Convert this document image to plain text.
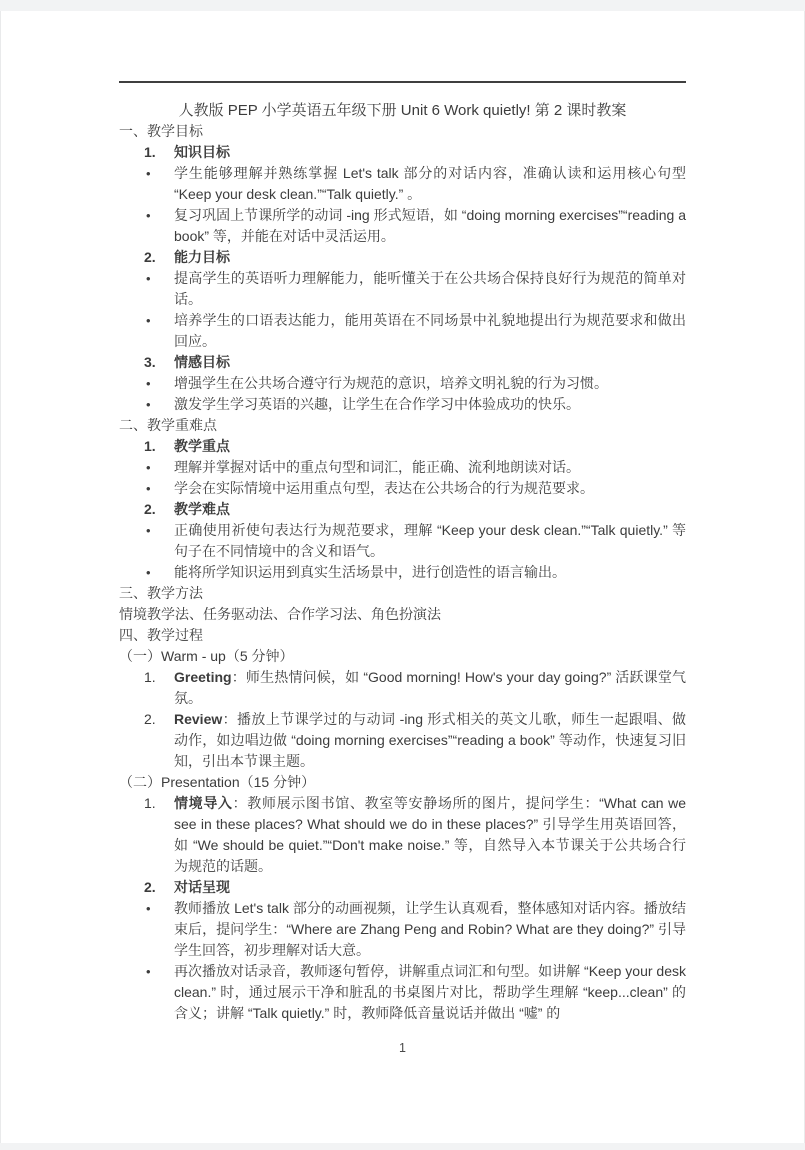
人教版 PEP 小学英语五年级下册 Unit 6 Work quietly! 第 2 课时教案
一、教学目标
1. 知识目标
• 学生能够理解并熟练掌握 Let's talk 部分的对话内容，准确认读和运用核心句型 “Keep your desk clean.”“Talk quietly.” 。
• 复习巩固上节课所学的动词 -ing 形式短语，如 “doing morning exercises”“reading a book” 等，并能在对话中灵活运用。
2. 能力目标
• 提高学生的英语听力理解能力，能听懂关于在公共场合保持良好行为规范的简单对话。
• 培养学生的口语表达能力，能用英语在不同场景中礼貌地提出行为规范要求和做出回应。
3. 情感目标
• 增强学生在公共场合遵守行为规范的意识，培养文明礼貌的行为习惯。
• 激发学生学习英语的兴趣，让学生在合作学习中体验成功的快乐。
二、教学重难点
1. 教学重点
• 理解并掌握对话中的重点句型和词汇，能正确、流利地朗读对话。
• 学会在实际情境中运用重点句型，表达在公共场合的行为规范要求。
2. 教学难点
• 正确使用祈使句表达行为规范要求，理解 “Keep your desk clean.”“Talk quietly.” 等句子在不同情境中的含义和语气。
• 能将所学知识运用到真实生活场景中，进行创造性的语言输出。
三、教学方法
情境教学法、任务驱动法、合作学习法、角色扮演法
四、教学过程
（一）Warm - up（5 分钟）
1. Greeting：师生热情问候，如 “Good morning! How's your day going?” 活跃课堂气氛。
2. Review：播放上节课学过的与动词 -ing 形式相关的英文儿歌，师生一起跟唱、做动作，如边唱边做 “doing morning exercises”“reading a book” 等动作，快速复习旧知，引出本节课主题。
（二）Presentation（15 分钟）
1. 情境导入：教师展示图书馆、教室等安静场所的图片，提问学生：“What can we see in these places? What should we do in these places?” 引导学生用英语回答，如 “We should be quiet.”“Don't make noise.” 等，自然导入本节课关于公共场合行为规范的话题。
2. 对话呈现
• 教师播放 Let's talk 部分的动画视频，让学生认真观看，整体感知对话内容。播放结束后，提问学生：“Where are Zhang Peng and Robin? What are they doing?” 引导学生回答，初步理解对话大意。
• 再次播放对话录音，教师逐句暂停，讲解重点词汇和句型。如讲解 “Keep your desk clean.” 时，通过展示干净和脏乱的书桌图片对比，帮助学生理解 “keep...clean” 的含义；讲解 “Talk quietly.” 时，教师降低音量说话并做出 “嘘” 的
1
